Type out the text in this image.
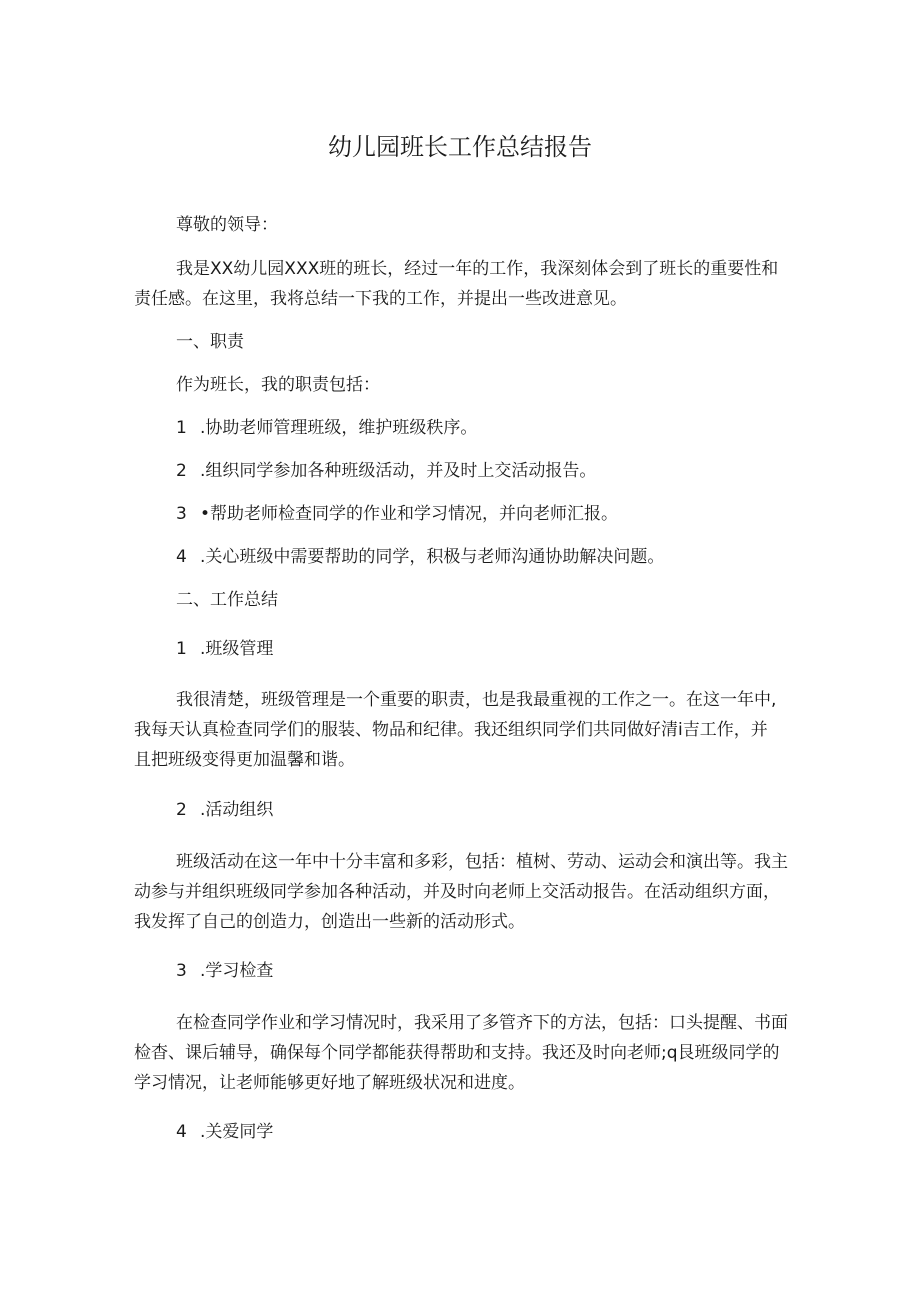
幼儿园班长工作总结报告

尊敬的领导：

我是XX幼儿园XXX班的班长，经过一年的工作，我深刻体会到了班长的重要性和

责任感。在这里，我将总结一下我的工作，并提出一些改进意见。

一、职责

作为班长，我的职责包括：

1 .协助老师管理班级，维护班级秩序。
2 .组织同学参加各种班级活动，并及时上交活动报告。
3 •帮助老师检查同学的作业和学习情况，并向老师汇报。
4 .关心班级中需要帮助的同学，积极与老师沟通协助解决问题。

二、工作总结

1 .班级管理

我很清楚，班级管理是一个重要的职责，也是我最重视的工作之一。在这一年中,

我每天认真检查同学们的服装、物品和纪律。我还组织同学们共同做好清i吉工作，并

且把班级变得更加温馨和谐。

2 .活动组织

班级活动在这一年中十分丰富和多彩，包括：植树、劳动、运动会和演出等。我主

动参与并组织班级同学参加各种活动，并及时向老师上交活动报告。在活动组织方面，

我发挥了自己的创造力，创造出一些新的活动形式。

3 .学习检查

在检查同学作业和学习情况时，我采用了多管齐下的方法，包括：口头提醒、书面

检杳、课后辅导，确保每个同学都能获得帮助和支持。我还及时向老师;q艮班级同学的

学习情况，让老师能够更好地了解班级状况和进度。

4 .关爱同学
